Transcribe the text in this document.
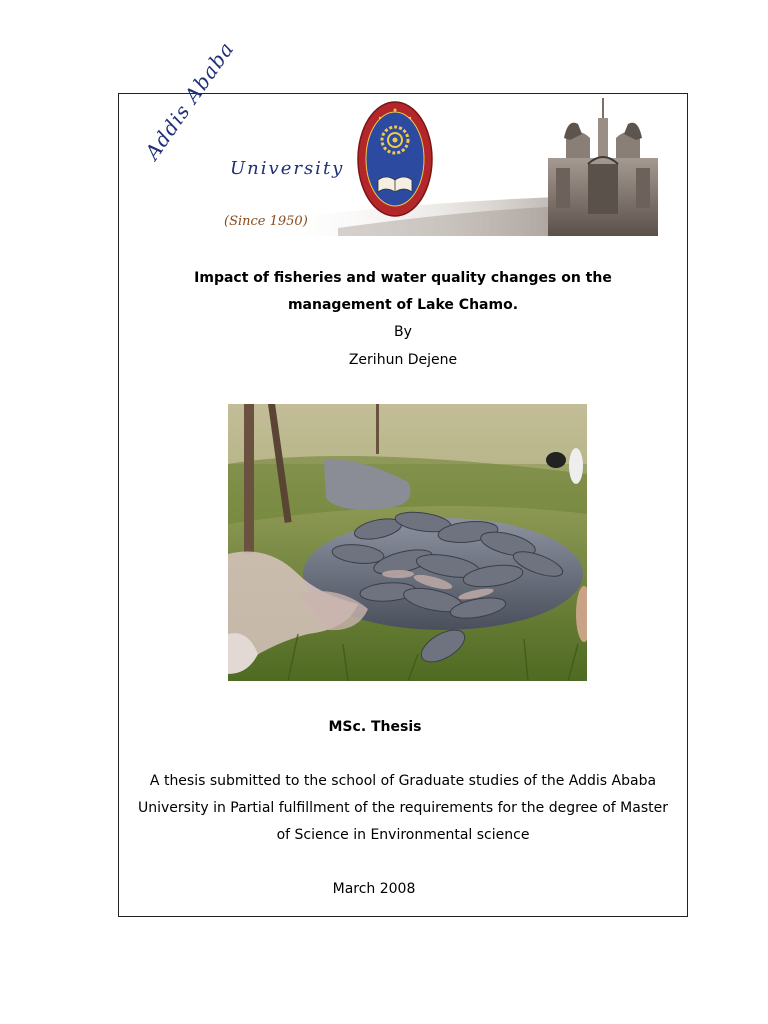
Addis Ababa
University
(Since 1950)
Impact of fisheries and water quality changes on the
management of Lake Chamo.
By
Zerihun Dejene
MSc. Thesis
A thesis submitted to the school of Graduate studies of the Addis Ababa
University in Partial fulfillment of the requirements for the degree of Master
of Science in Environmental science
March 2008
